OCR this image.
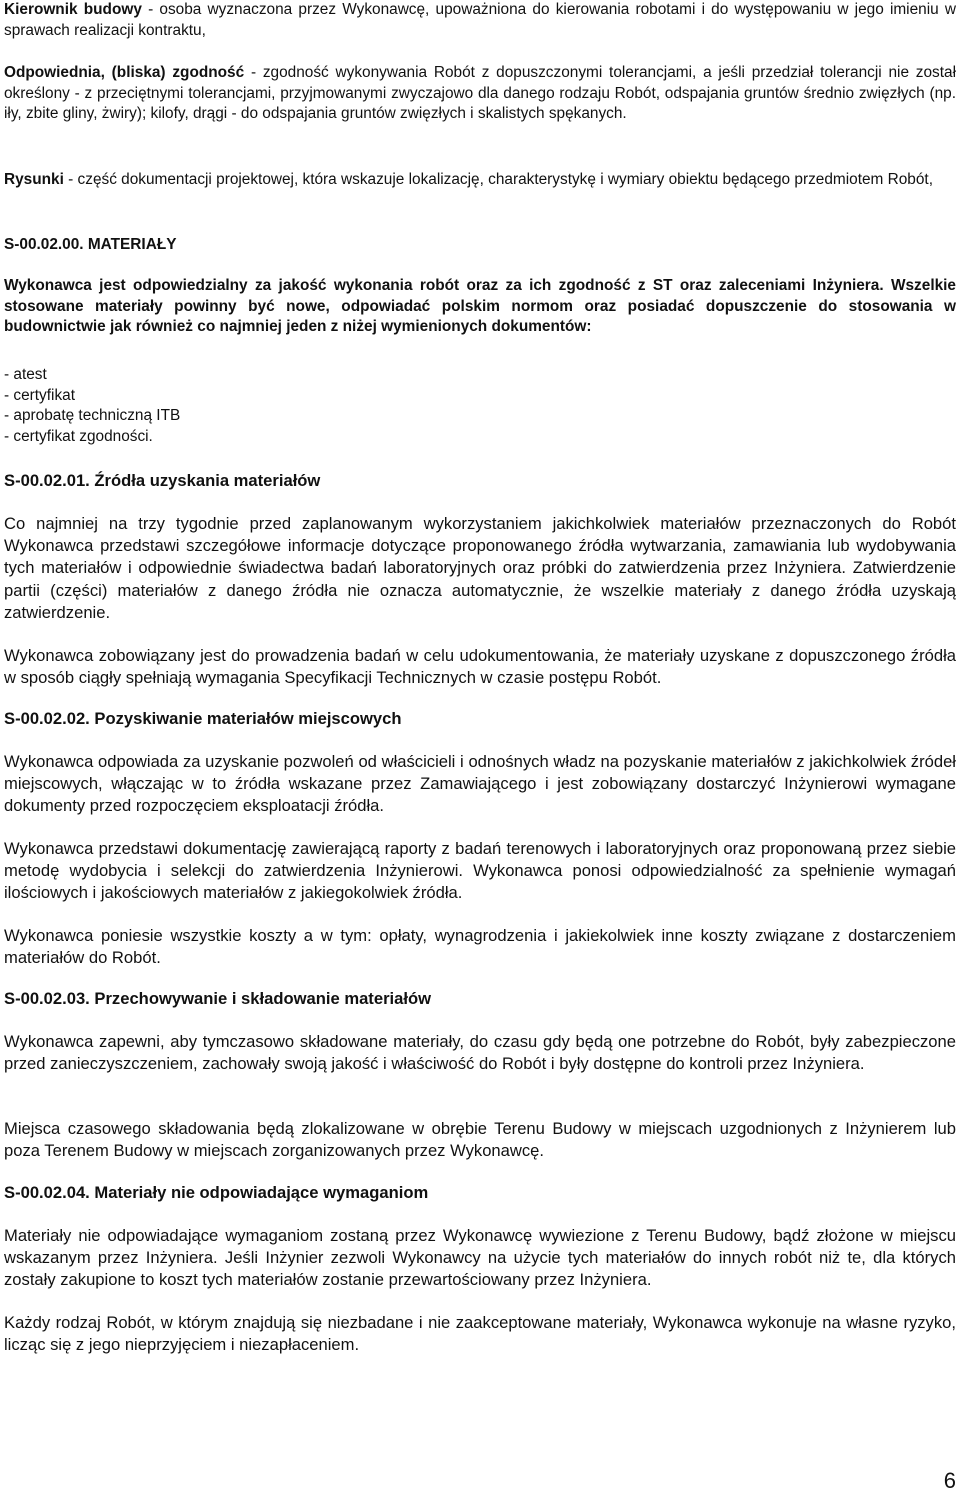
Kierownik budowy - osoba wyznaczona przez Wykonawcę, upoważniona do kierowania robotami i do występowaniu w jego imieniu w sprawach realizacji kontraktu,

Odpowiednia, (bliska) zgodność - zgodność wykonywania Robót z dopuszczonymi tolerancjami, a jeśli przedział tolerancji nie został określony - z przeciętnymi tolerancjami, przyjmowanymi zwyczajowo dla danego rodzaju Robót, odspajania gruntów średnio zwięzłych (np. iły, zbite gliny, żwiry); kilofy, drągi - do odspajania gruntów zwięzłych i skalistych spękanych.

Rysunki - część dokumentacji projektowej, która wskazuje lokalizację, charakterystykę i wymiary obiektu będącego przedmiotem Robót,

S-00.02.00. MATERIAŁY

Wykonawca jest odpowiedzialny za jakość wykonania robót oraz za ich zgodność z ST oraz zaleceniami Inżyniera. Wszelkie stosowane materiały powinny być nowe, odpowiadać polskim normom oraz posiadać dopuszczenie do stosowania w budownictwie jak również co najmniej jeden z niżej wymienionych dokumentów:

- atest
- certyfikat
- aprobatę techniczną ITB
- certyfikat zgodności.

S-00.02.01. Źródła uzyskania materiałów

Co najmniej na trzy tygodnie przed zaplanowanym wykorzystaniem jakichkolwiek materiałów przeznaczonych do Robót Wykonawca przedstawi szczegółowe informacje dotyczące proponowanego źródła wytwarzania, zamawiania lub wydobywania tych materiałów i odpowiednie świadectwa badań laboratoryjnych oraz próbki do zatwierdzenia przez Inżyniera. Zatwierdzenie partii (części) materiałów z danego źródła nie oznacza automatycznie, że wszelkie materiały z danego źródła uzyskają zatwierdzenie.

Wykonawca zobowiązany jest do prowadzenia badań w celu udokumentowania, że materiały uzyskane z dopuszczonego źródła w sposób ciągły spełniają wymagania Specyfikacji Technicznych w czasie postępu Robót.

S-00.02.02. Pozyskiwanie materiałów miejscowych

Wykonawca odpowiada za uzyskanie pozwoleń od właścicieli i odnośnych władz na pozyskanie materiałów z jakichkolwiek źródeł miejscowych, włączając w to źródła wskazane przez Zamawiającego i jest zobowiązany dostarczyć Inżynierowi wymagane dokumenty przed rozpoczęciem eksploatacji źródła.

Wykonawca przedstawi dokumentację zawierającą raporty z badań terenowych i laboratoryjnych oraz proponowaną przez siebie metodę wydobycia i selekcji do zatwierdzenia Inżynierowi. Wykonawca ponosi odpowiedzialność za spełnienie wymagań ilościowych i jakościowych materiałów z jakiegokolwiek źródła.

Wykonawca poniesie wszystkie koszty a w tym: opłaty, wynagrodzenia i jakiekolwiek inne koszty związane z dostarczeniem materiałów do Robót.

S-00.02.03. Przechowywanie i składowanie materiałów

Wykonawca zapewni, aby tymczasowo składowane materiały, do czasu gdy będą one potrzebne do Robót, były zabezpieczone przed zanieczyszczeniem, zachowały swoją jakość i właściwość do Robót i były dostępne do kontroli przez Inżyniera.

Miejsca czasowego składowania będą zlokalizowane w obrębie Terenu Budowy w miejscach uzgodnionych z Inżynierem lub poza Terenem Budowy w miejscach zorganizowanych przez Wykonawcę.

S-00.02.04. Materiały nie odpowiadające wymaganiom

Materiały nie odpowiadające wymaganiom zostaną przez Wykonawcę wywiezione z Terenu Budowy, bądź złożone w miejscu wskazanym przez Inżyniera. Jeśli Inżynier zezwoli Wykonawcy na użycie tych materiałów do innych robót niż te, dla których zostały zakupione to koszt tych materiałów zostanie przewartościowany przez Inżyniera.

Każdy rodzaj Robót, w którym znajdują się niezbadane i nie zaakceptowane materiały, Wykonawca wykonuje na własne ryzyko, licząc się z jego nieprzyjęciem i niezapłaceniem.

6
